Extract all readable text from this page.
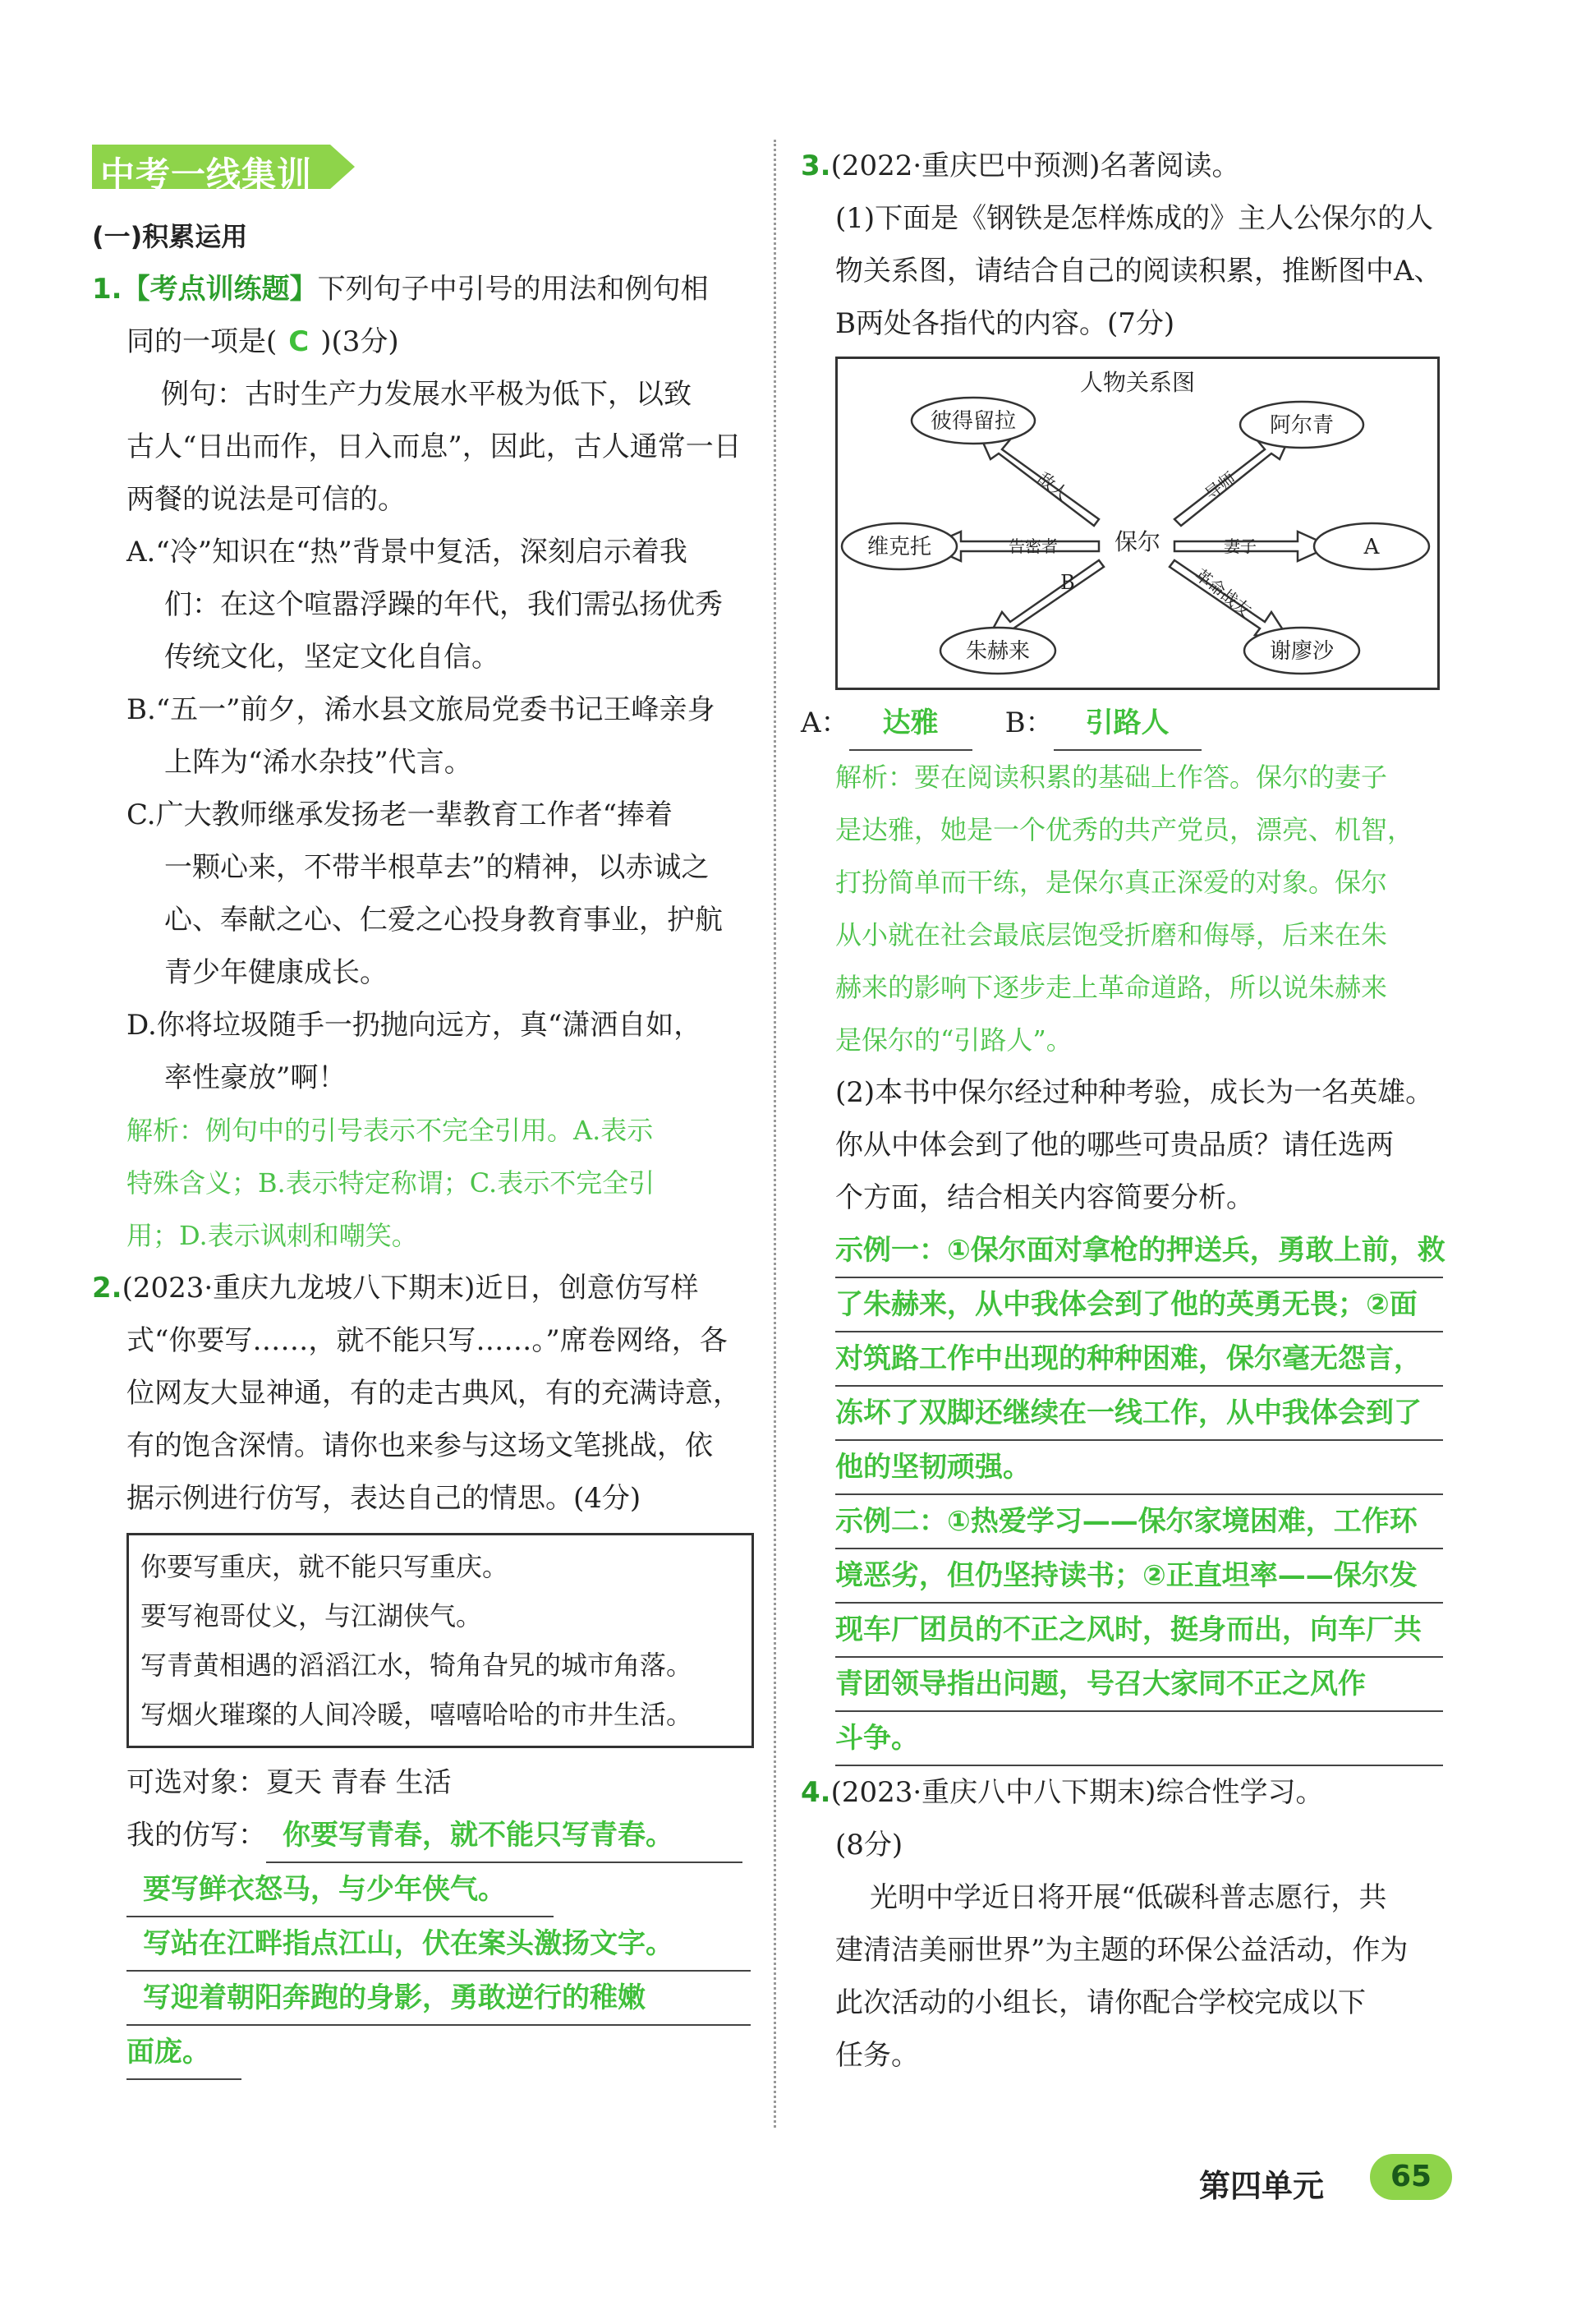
中考一线集训
(一)积累运用
1.【考点训练题】下列句子中引号的用法和例句相
同的一项是( C )(3分)
例句：古时生产力发展水平极为低下，以致
古人“日出而作，日入而息”，因此，古人通常一日
两餐的说法是可信的。
A.“冷”知识在“热”背景中复活，深刻启示着我
们：在这个喧嚣浮躁的年代，我们需弘扬优秀
传统文化，坚定文化自信。
B.“五一”前夕，浠水县文旅局党委书记王峰亲身
上阵为“浠水杂技”代言。
C.广大教师继承发扬老一辈教育工作者“捧着
一颗心来，不带半根草去”的精神，以赤诚之
心、奉献之心、仁爱之心投身教育事业，护航
青少年健康成长。
D.你将垃圾随手一扔抛向远方，真“潇洒自如，
率性豪放”啊！
解析：例句中的引号表示不完全引用。A.表示
特殊含义；B.表示特定称谓；C.表示不完全引
用；D.表示讽刺和嘲笑。
2.(2023·重庆九龙坡八下期末)近日，创意仿写样
式“你要写……，就不能只写……。”席卷网络，各
位网友大显神通，有的走古典风，有的充满诗意，
有的饱含深情。请你也来参与这场文笔挑战，依
据示例进行仿写，表达自己的情思。(4分)
你要写重庆，就不能只写重庆。
要写袍哥仗义，与江湖侠气。
写青黄相遇的滔滔江水，犄角旮旯的城市角落。
写烟火璀璨的人间冷暖，嘻嘻哈哈的市井生活。
可选对象：夏天 青春 生活
我的仿写： 你要写青春，就不能只写青春。
要写鲜衣怒马，与少年侠气。
写站在江畔指点江山，伏在案头激扬文字。
写迎着朝阳奔跑的身影，勇敢逆行的稚嫩
面庞。
3.(2022·重庆巴中预测)名著阅读。
(1)下面是《钢铁是怎样炼成的》主人公保尔的人
物关系图，请结合自己的阅读积累，推断图中A、
B两处各指代的内容。(7分)
人物关系图
保尔
彼得留拉	阿尔青
维克托	A
朱赫来	谢廖沙
敌人	导师
告密者	妻子
B	革命战友
A： 达雅 B： 引路人
解析：要在阅读积累的基础上作答。保尔的妻子
是达雅，她是一个优秀的共产党员，漂亮、机智，
打扮简单而干练，是保尔真正深爱的对象。保尔
从小就在社会最底层饱受折磨和侮辱，后来在朱
赫来的影响下逐步走上革命道路，所以说朱赫来
是保尔的“引路人”。
(2)本书中保尔经过种种考验，成长为一名英雄。
你从中体会到了他的哪些可贵品质？请任选两
个方面，结合相关内容简要分析。
示例一：①保尔面对拿枪的押送兵，勇敢上前，救
了朱赫来，从中我体会到了他的英勇无畏；②面
对筑路工作中出现的种种困难，保尔毫无怨言，
冻坏了双脚还继续在一线工作，从中我体会到了
他的坚韧顽强。
示例二：①热爱学习——保尔家境困难，工作环
境恶劣，但仍坚持读书；②正直坦率——保尔发
现车厂团员的不正之风时，挺身而出，向车厂共
青团领导指出问题，号召大家同不正之风作
斗争。
4.(2023·重庆八中八下期末)综合性学习。
(8分)
光明中学近日将开展“低碳科普志愿行，共
建清洁美丽世界”为主题的环保公益活动，作为
此次活动的小组长，请你配合学校完成以下
任务。
第四单元	65
